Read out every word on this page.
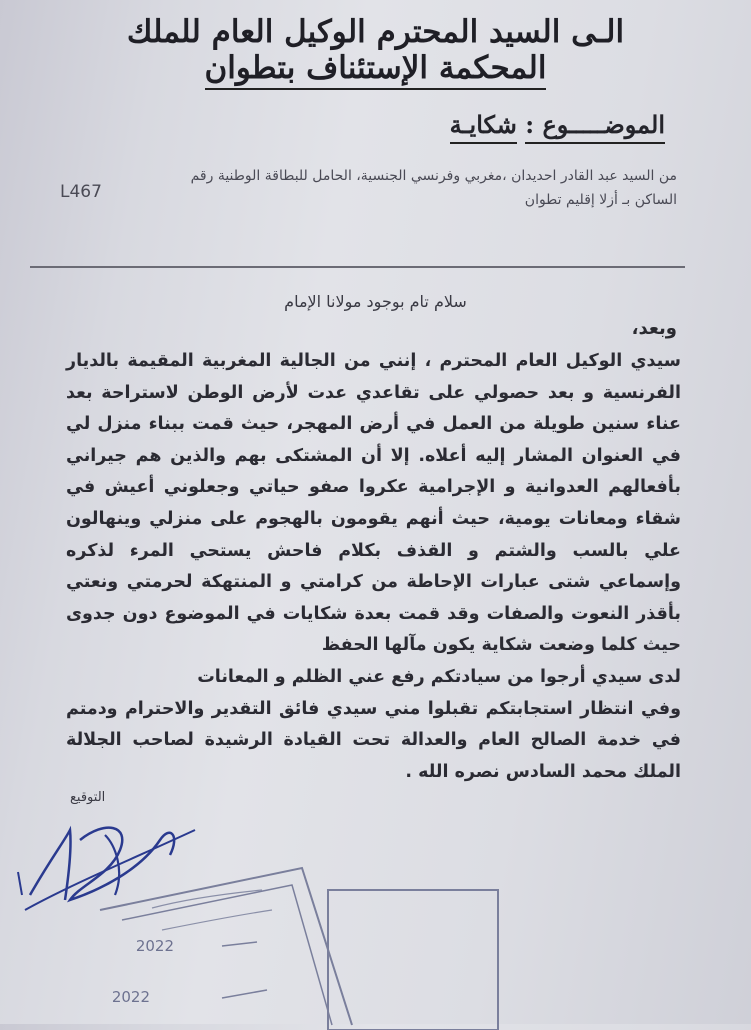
الـى السيد المحترم الوكيل العام للملك
المحكمة الإستئناف بتطوان
الموضـــــوع : شكايـة
من السيد عبد القادر احديدان ،مغربي وفرنسي الجنسية، الحامل للبطاقة الوطنية رقم
الساكن بـ أزلا إقليم تطوان
L467
سلام تام بوجود مولانا الإمام
وبعد،

سيدي الوكيل العام المحترم ، إنني من الجالية المغربية المقيمة بالديار الفرنسية و بعد حصولي على تقاعدي عدت لأرض الوطن لاستراحة بعد عناء سنين طويلة من العمل في أرض المهجر، حيث قمت ببناء منزل لي في العنوان المشار إليه أعلاه. إلا أن المشتكى بهم والذين هم جيراني بأفعالهم العدوانية و الإجرامية عكروا صفو حياتي وجعلوني أعيش في شقاء ومعانات يومية، حيث أنهم يقومون بالهجوم على منزلي وينهالون علي بالسب والشتم و القذف بكلام فاحش يستحي المرء لذكره وإسماعي شتى عبارات الإحاطة من كرامتي و المنتهكة لحرمتي ونعتي بأقذر النعوت والصفات وقد قمت بعدة شكايات في الموضوع دون جدوى حيث كلما وضعت شكاية يكون مآلها الحفظ

لدى سيدي أرجوا من سيادتكم رفع عني الظلم و المعانات

وفي انتظار استجابتكم تقبلوا مني سيدي فائق التقدير والاحترام ودمتم في خدمة الصالح العام والعدالة تحت القيادة الرشيدة لصاحب الجلالة الملك محمد السادس نصره الله .

التوقيع
2022
2022
